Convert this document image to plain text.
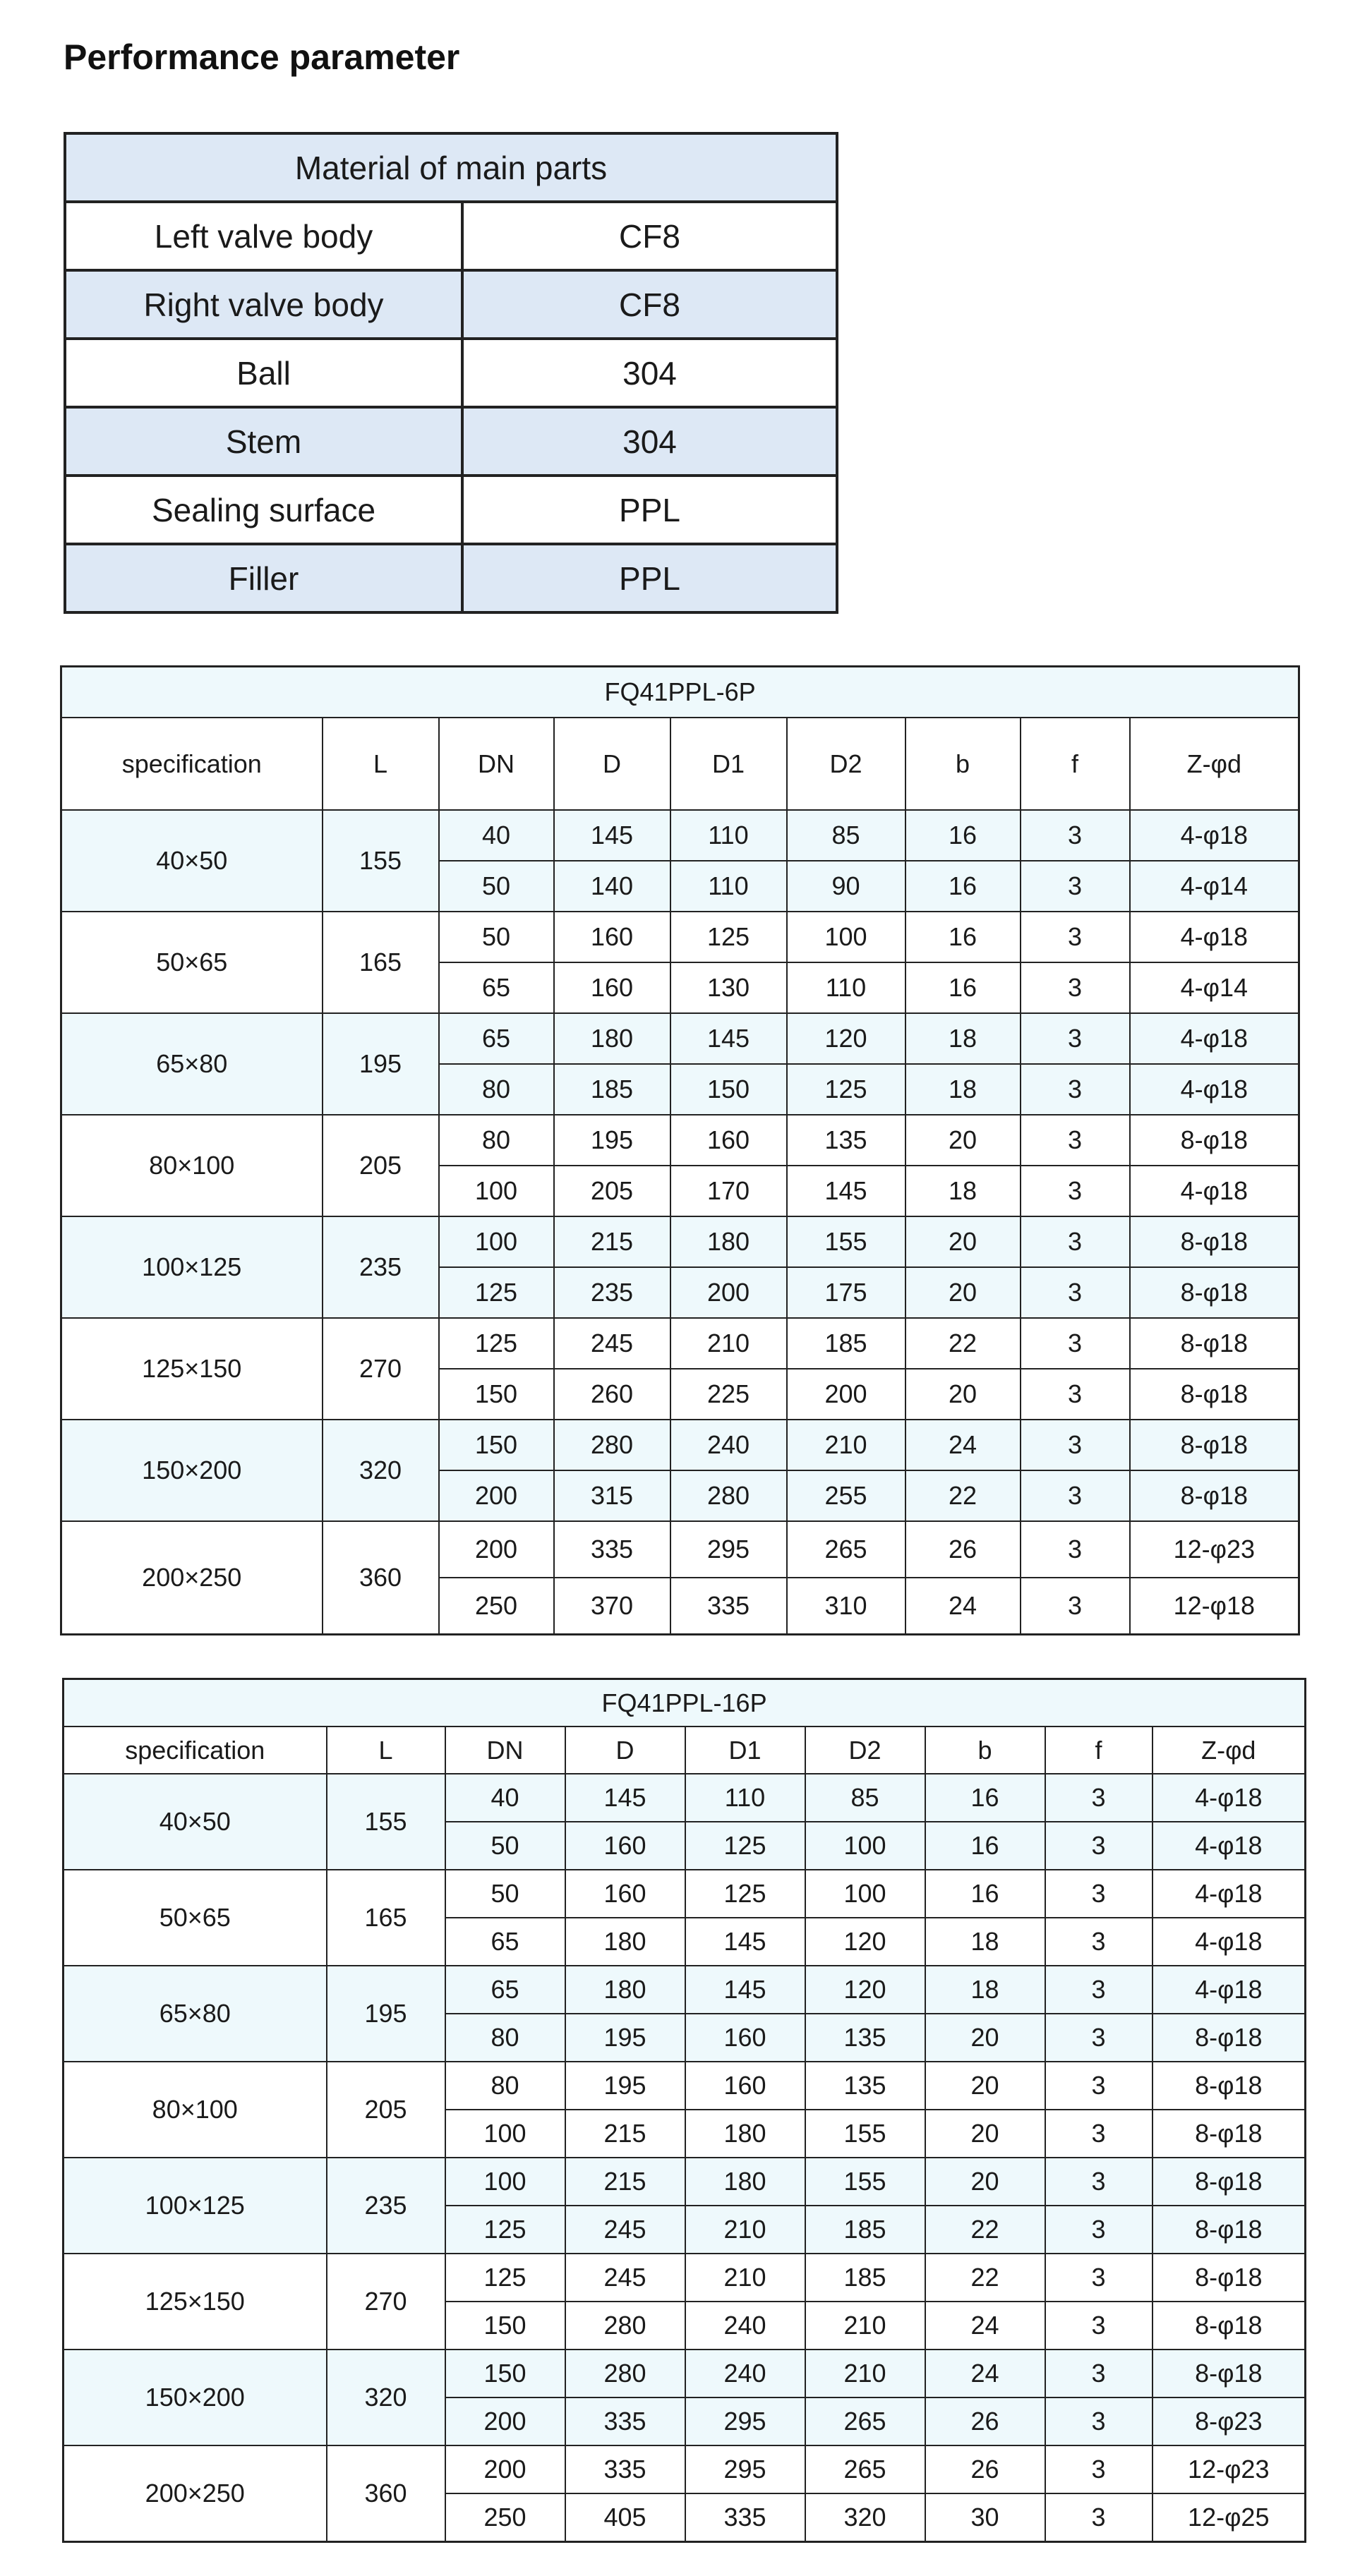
Performance parameter
Material of main parts	
Left valve body	CF8
Right valve body	CF8
Ball	304
Stem	304
Sealing surface	PPL
Filler	PPL
FQ41PPL-6P								
specification	L	DN	D	D1	D2	b	f	Z-φd
40×50	155	40	145	110	85	16	3	4-φ18
		50	140	110	90	16	3	4-φ14
50×65	165	50	160	125	100	16	3	4-φ18
		65	160	130	110	16	3	4-φ14
65×80	195	65	180	145	120	18	3	4-φ18
		80	185	150	125	18	3	4-φ18
80×100	205	80	195	160	135	20	3	8-φ18
		100	205	170	145	18	3	4-φ18
100×125	235	100	215	180	155	20	3	8-φ18
		125	235	200	175	20	3	8-φ18
125×150	270	125	245	210	185	22	3	8-φ18
		150	260	225	200	20	3	8-φ18
150×200	320	150	280	240	210	24	3	8-φ18
		200	315	280	255	22	3	8-φ18
200×250	360	200	335	295	265	26	3	12-φ23
		250	370	335	310	24	3	12-φ18
FQ41PPL-16P								
specification	L	DN	D	D1	D2	b	f	Z-φd
40×50	155	40	145	110	85	16	3	4-φ18
		50	160	125	100	16	3	4-φ18
50×65	165	50	160	125	100	16	3	4-φ18
		65	180	145	120	18	3	4-φ18
65×80	195	65	180	145	120	18	3	4-φ18
		80	195	160	135	20	3	8-φ18
80×100	205	80	195	160	135	20	3	8-φ18
		100	215	180	155	20	3	8-φ18
100×125	235	100	215	180	155	20	3	8-φ18
		125	245	210	185	22	3	8-φ18
125×150	270	125	245	210	185	22	3	8-φ18
		150	280	240	210	24	3	8-φ18
150×200	320	150	280	240	210	24	3	8-φ18
		200	335	295	265	26	3	8-φ23
200×250	360	200	335	295	265	26	3	12-φ23
		250	405	335	320	30	3	12-φ25
